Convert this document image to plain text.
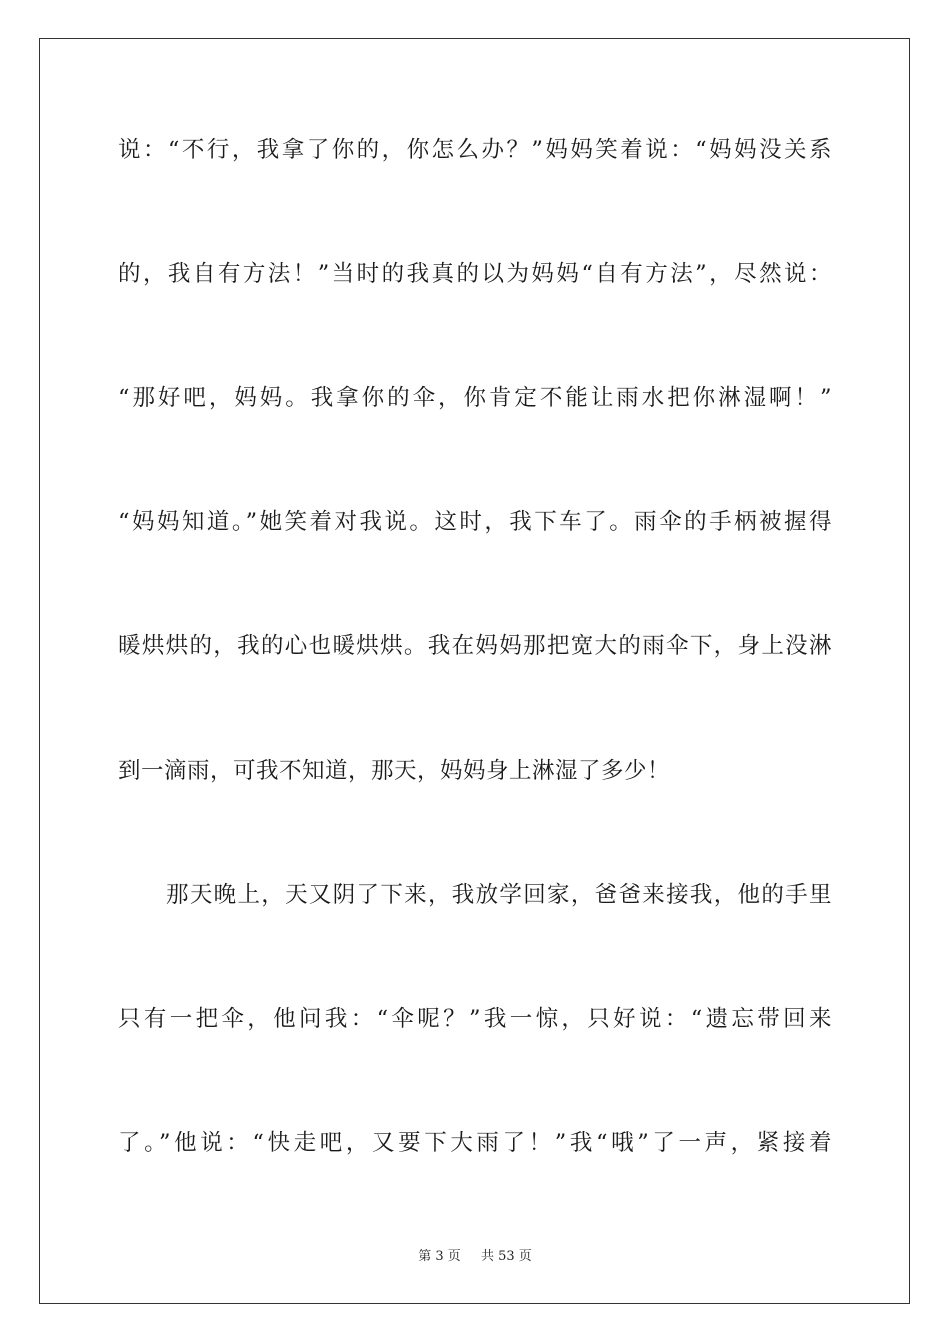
说：“不行，我拿了你的，你怎么办？”妈妈笑着说：“妈妈没关系
的，我自有方法！”当时的我真的以为妈妈“自有方法”，尽然说：
“那好吧，妈妈。我拿你的伞，你肯定不能让雨水把你淋湿啊！”
“妈妈知道。”她笑着对我说。这时，我下车了。雨伞的手柄被握得
暖烘烘的，我的心也暖烘烘。我在妈妈那把宽大的雨伞下，身上没淋
到一滴雨，可我不知道，那天，妈妈身上淋湿了多少！
那天晚上，天又阴了下来，我放学回家，爸爸来接我，他的手里
只有一把伞，他问我：“伞呢？”我一惊，只好说：“遗忘带回来
了。”他说：“快走吧，又要下大雨了！”我“哦”了一声，紧接着
第 3 页 共 53 页
